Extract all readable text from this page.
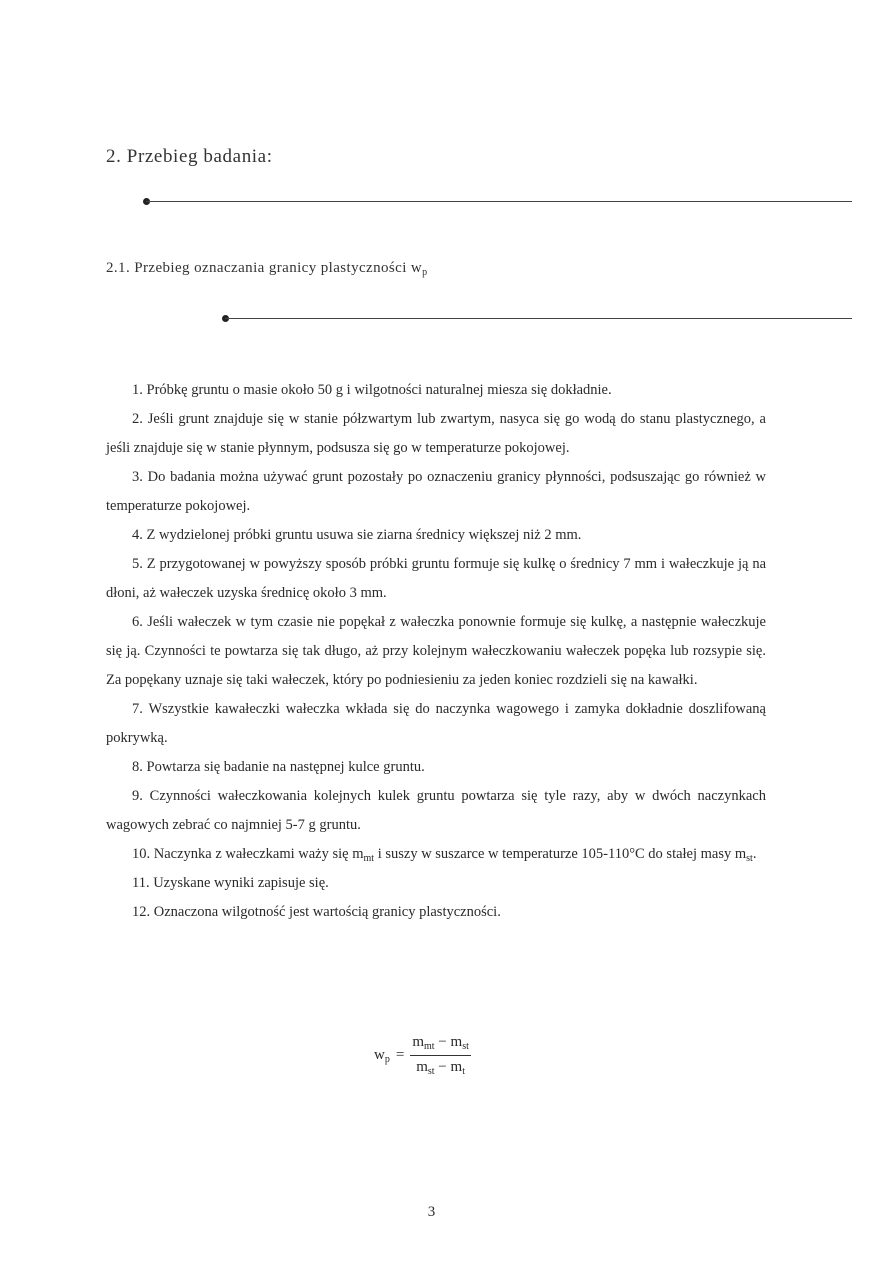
2. Przebieg badania:
2.1. Przebieg oznaczania granicy plastyczności $w_p$

1. Próbkę gruntu o masie około 50 g i wilgotności naturalnej miesza się dokładnie.

2. Jeśli grunt znajduje się w stanie półzwartym lub zwartym, nasyca się go wodą do stanu plastycznego, a jeśli znajduje się w stanie płynnym, podsusza się go w temperaturze pokojowej.

3. Do badania można używać grunt pozostały po oznaczeniu granicy płynności, podsuszając go również w temperaturze pokojowej.

4. Z wydzielonej próbki gruntu usuwa sie ziarna średnicy większej niż 2 mm.

5. Z przygotowanej w powyższy sposób próbki gruntu formuje się kulkę o średnicy 7 mm i wałeczkuje ją na dłoni, aż wałeczek uzyska średnicę około 3 mm.

6. Jeśli wałeczek w tym czasie nie popękał z wałeczka ponownie formuje się kulkę, a następnie wałeczkuje się ją. Czynności te powtarza się tak długo, aż przy kolejnym wałeczkowaniu wałeczek popęka lub rozsypie się. Za popękany uznaje się taki wałeczek, który po podniesieniu za jeden koniec rozdzieli się na kawałki.

7. Wszystkie kawałeczki wałeczka wkłada się do naczynka wagowego i zamyka dokładnie doszlifowaną pokrywką.

8. Powtarza się badanie na następnej kulce gruntu.

9. Czynności wałeczkowania kolejnych kulek gruntu powtarza się tyle razy, aby w dwóch naczynkach wagowych zebrać co najmniej 5-7 g gruntu.

10. Naczynka z wałeczkami waży się $m_{mt}$ i suszy w suszarce w temperaturze 105-110°C do stałej masy $m_{st}$.

11. Uzyskane wyniki zapisuje się.

12. Oznaczona wilgotność jest wartością granicy plastyczności.

$w_p = \frac{m_{mt} - m_{st}}{m_{st} - m_t}$
3
